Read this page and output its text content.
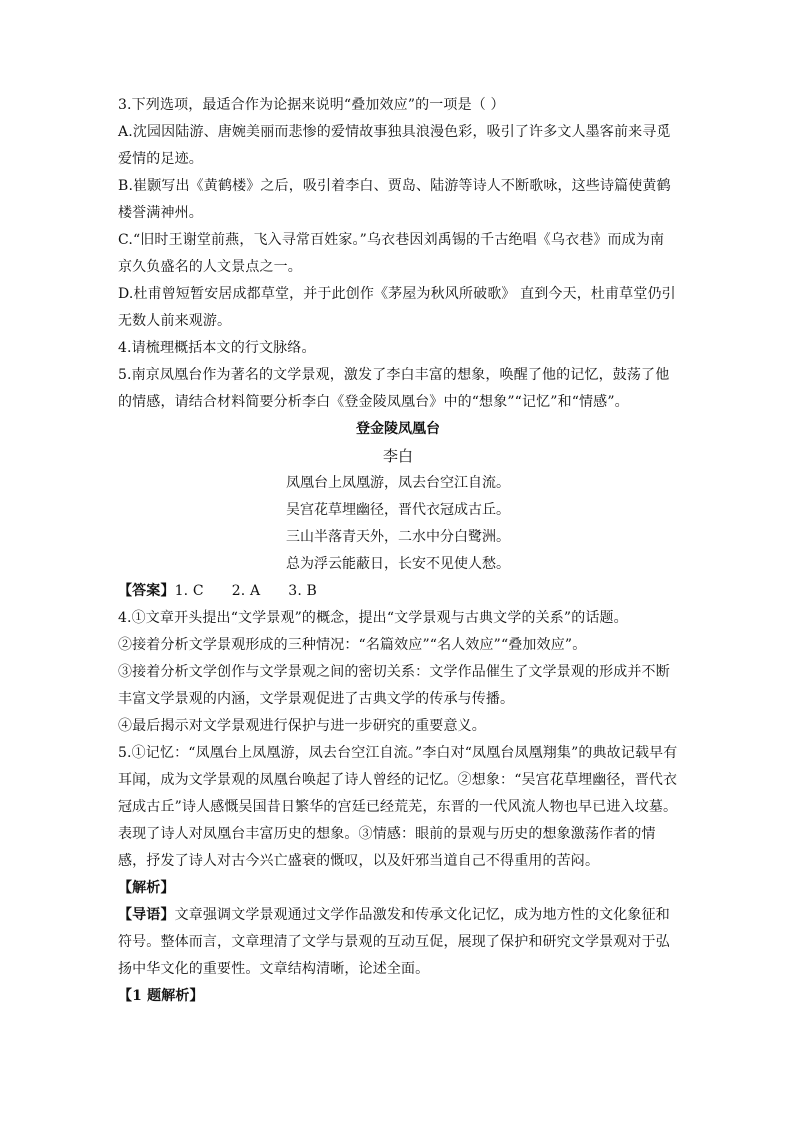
3.下列选项，最适合作为论据来说明“叠加效应”的一项是（ ）

A.沈园因陆游、唐婉美丽而悲惨的爱情故事独具浪漫色彩，吸引了许多文人墨客前来寻觅爱情的足迹。

B.崔颢写出《黄鹤楼》之后，吸引着李白、贾岛、陆游等诗人不断歌咏，这些诗篇使黄鹤楼誉满神州。

C.“旧时王谢堂前燕，飞入寻常百姓家。”乌衣巷因刘禹锡的千古绝唱《乌衣巷》而成为南京久负盛名的人文景点之一。

D.杜甫曾短暂安居成都草堂，并于此创作《茅屋为秋风所破歌》 直到今天，杜甫草堂仍引无数人前来观游。

4.请梳理概括本文的行文脉络。

5.南京凤凰台作为著名的文学景观，激发了李白丰富的想象，唤醒了他的记忆，鼓荡了他的情感，请结合材料简要分析李白《登金陵凤凰台》中的“想象”“记忆”和“情感”。

登金陵凤凰台

李白

凤凰台上凤凰游，凤去台空江自流。

吴宫花草埋幽径，晋代衣冠成古丘。

三山半落青天外，二水中分白鹭洲。

总为浮云能蔽日，长安不见使人愁。

【答案】1. C 2. A 3. B

4.①文章开头提出“文学景观”的概念，提出“文学景观与古典文学的关系”的话题。

②接着分析文学景观形成的三种情况：“名篇效应”“名人效应”“叠加效应”。

③接着分析文学创作与文学景观之间的密切关系：文学作品催生了文学景观的形成并不断丰富文学景观的内涵，文学景观促进了古典文学的传承与传播。

④最后揭示对文学景观进行保护与进一步研究的重要意义。

5.①记忆：“凤凰台上凤凰游，凤去台空江自流。”李白对“凤凰台凤凰翔集”的典故记载早有耳闻，成为文学景观的凤凰台唤起了诗人曾经的记忆。②想象：“吴宫花草埋幽径，晋代衣冠成古丘”诗人感慨吴国昔日繁华的宫廷已经荒芜，东晋的一代风流人物也早已进入坟墓。表现了诗人对凤凰台丰富历史的想象。③情感：眼前的景观与历史的想象激荡作者的情感，抒发了诗人对古今兴亡盛衰的慨叹，以及奸邪当道自己不得重用的苦闷。

【解析】

【导语】文章强调文学景观通过文学作品激发和传承文化记忆，成为地方性的文化象征和符号。整体而言，文章理清了文学与景观的互动互促，展现了保护和研究文学景观对于弘扬中华文化的重要性。文章结构清晰，论述全面。

【1 题解析】
